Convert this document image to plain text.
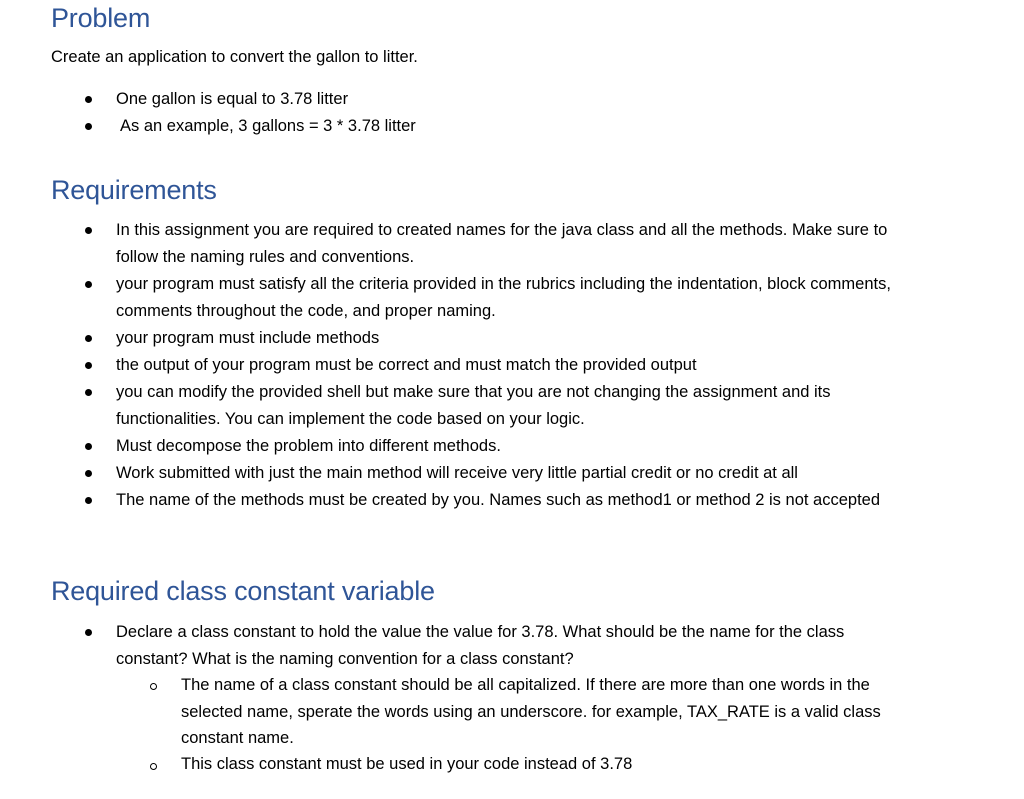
Problem

Create an application to convert the gallon to litter.

One gallon is equal to 3.78 litter

As an example, 3 gallons = 3 * 3.78 litter

Requirements

In this assignment you are required to created names for the java class and all the methods. Make sure to follow the naming rules and conventions.

your program must satisfy all the criteria provided in the rubrics including the indentation, block comments, comments throughout the code, and proper naming.

your program must include methods

the output of your program must be correct and must match the provided output

you can modify the provided shell but make sure that you are not changing the assignment and its functionalities. You can implement the code based on your logic.

Must decompose the problem into different methods.

Work submitted with just the main method will receive very little partial credit or no credit at all

The name of the methods must be created by you. Names such as method1 or method 2 is not accepted

Required class constant variable

Declare a class constant to hold the value the value for 3.78. What should be the name for the class constant? What is the naming convention for a class constant?

The name of a class constant should be all capitalized. If there are more than one words in the selected name, sperate the words using an underscore. for example, TAX_RATE is a valid class constant name.

This class constant must be used in your code instead of 3.78
